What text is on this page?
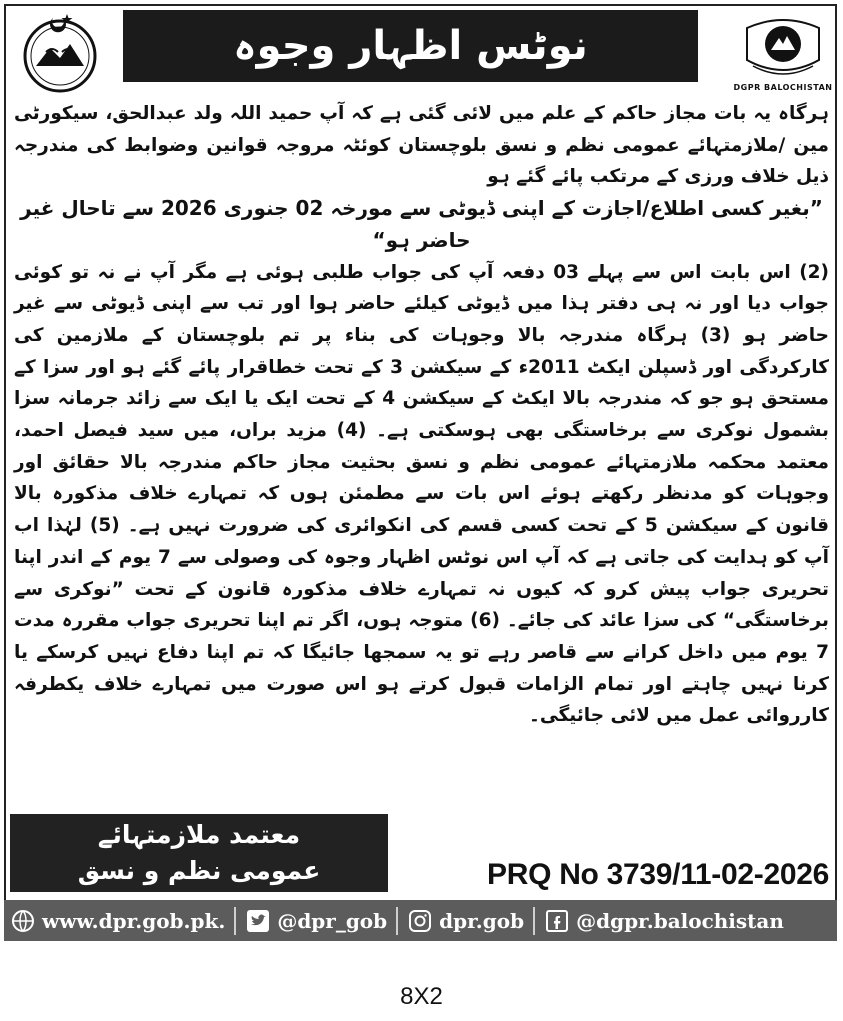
DGPR BALOCHISTAN
نوٹس اظہار وجوہ

ہرگاہ یہ بات مجاز حاکم کے علم میں لائی گئی ہے کہ آپ حمید اللہ ولد عبدالحق، سیکورٹی مین /ملازمتہائے عمومی نظم و نسق بلوچستان کوئٹہ مروجہ قوانین وضوابط کی مندرجہ ذیل خلاف ورزی کے مرتکب پائے گئے ہو

”بغیر کسی اطلاع/اجازت کے اپنی ڈیوٹی سے مورخہ 02 جنوری 2026 سے تاحال غیر حاضر ہو“

(2) اس بابت اس سے پہلے 03 دفعہ آپ کی جواب طلبی ہوئی ہے مگر آپ نے نہ تو کوئی جواب دیا اور نہ ہی دفتر ہذا میں ڈیوٹی کیلئے حاضر ہوا اور تب سے اپنی ڈیوٹی سے غیر حاضر ہو (3) ہرگاہ مندرجہ بالا وجوہات کی بناء پر تم بلوچستان کے ملازمین کی کارکردگی اور ڈسپلن ایکٹ 2011ء کے سیکشن 3 کے تحت خطاقرار پائے گئے ہو اور سزا کے مستحق ہو جو کہ مندرجہ بالا ایکٹ کے سیکشن 4 کے تحت ایک یا ایک سے زائد جرمانہ سزا بشمول نوکری سے برخاستگی بھی ہوسکتی ہے۔ (4) مزید براں، میں سید فیصل احمد، معتمد محکمہ ملازمتہائے عمومی نظم و نسق بحثیت مجاز حاکم مندرجہ بالا حقائق اور وجوہات کو مدنظر رکھتے ہوئے اس بات سے مطمئن ہوں کہ تمہارے خلاف مذکورہ بالا قانون کے سیکشن 5 کے تحت کسی قسم کی انکوائری کی ضرورت نہیں ہے۔ (5) لہٰذا اب آپ کو ہدایت کی جاتی ہے کہ آپ اس نوٹس اظہار وجوہ کی وصولی سے 7 یوم کے اندر اپنا تحریری جواب پیش کرو کہ کیوں نہ تمہارے خلاف مذکورہ قانون کے تحت ”نوکری سے برخاستگی“ کی سزا عائد کی جائے۔ (6) متوجہ ہوں، اگر تم اپنا تحریری جواب مقررہ مدت 7 یوم میں داخل کرانے سے قاصر رہے تو یہ سمجھا جائیگا کہ تم اپنا دفاع نہیں کرسکے یا کرنا نہیں چاہتے اور تمام الزامات قبول کرتے ہو اس صورت میں تمہارے خلاف یکطرفہ کارروائی عمل میں لائی جائیگی۔

معتمد ملازمتہائے
عمومی نظم و نسق	PRQ No 3739/11-02-2026
www.dpr.gob.pk.	@dpr_gob	dpr.gob	@dgpr.balochistan
8X2
